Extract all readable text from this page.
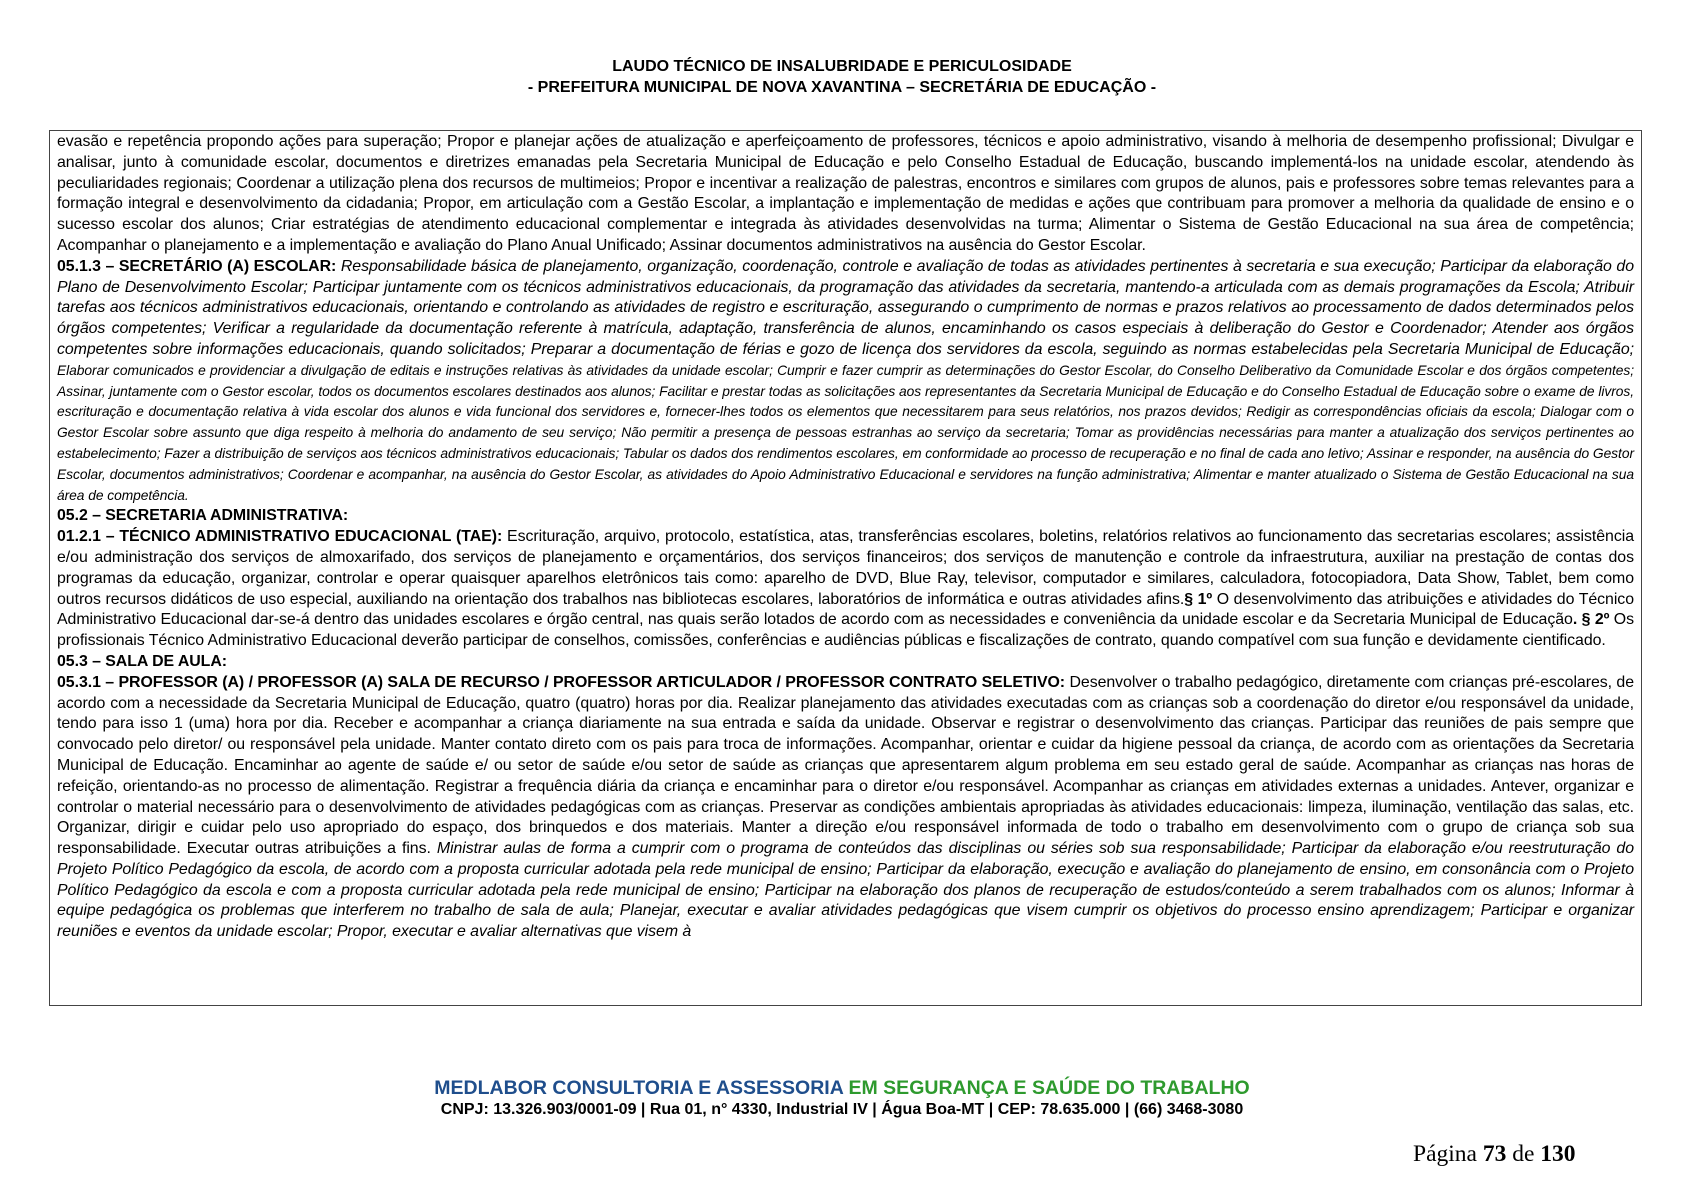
LAUDO TÉCNICO DE INSALUBRIDADE E PERICULOSIDADE
- PREFEITURA MUNICIPAL DE NOVA XAVANTINA – SECRETÁRIA DE EDUCAÇÃO -

evasão e repetência propondo ações para superação; Propor e planejar ações de atualização e aperfeiçoamento de professores, técnicos e apoio administrativo, visando à melhoria de desempenho profissional; Divulgar e analisar, junto à comunidade escolar, documentos e diretrizes emanadas pela Secretaria Municipal de Educação e pelo Conselho Estadual de Educação, buscando implementá-los na unidade escolar, atendendo às peculiaridades regionais; Coordenar a utilização plena dos recursos de multimeios; Propor e incentivar a realização de palestras, encontros e similares com grupos de alunos, pais e professores sobre temas relevantes para a formação integral e desenvolvimento da cidadania; Propor, em articulação com a Gestão Escolar, a implantação e implementação de medidas e ações que contribuam para promover a melhoria da qualidade de ensino e o sucesso escolar dos alunos; Criar estratégias de atendimento educacional complementar e integrada às atividades desenvolvidas na turma; Alimentar o Sistema de Gestão Educacional na sua área de competência; Acompanhar o planejamento e a implementação e avaliação do Plano Anual Unificado; Assinar documentos administrativos na ausência do Gestor Escolar.

05.1.3 – SECRETÁRIO (A) ESCOLAR: Responsabilidade básica de planejamento, organização, coordenação, controle e avaliação de todas as atividades pertinentes à secretaria e sua execução; Participar da elaboração do Plano de Desenvolvimento Escolar; Participar juntamente com os técnicos administrativos educacionais, da programação das atividades da secretaria, mantendo-a articulada com as demais programações da Escola; Atribuir tarefas aos técnicos administrativos educacionais, orientando e controlando as atividades de registro e escrituração, assegurando o cumprimento de normas e prazos relativos ao processamento de dados determinados pelos órgãos competentes; Verificar a regularidade da documentação referente à matrícula, adaptação, transferência de alunos, encaminhando os casos especiais à deliberação do Gestor e Coordenador; Atender aos órgãos competentes sobre informações educacionais, quando solicitados; Preparar a documentação de férias e gozo de licença dos servidores da escola, seguindo as normas estabelecidas pela Secretaria Municipal de Educação; Elaborar comunicados e providenciar a divulgação de editais e instruções relativas às atividades da unidade escolar; Cumprir e fazer cumprir as determinações do Gestor Escolar, do Conselho Deliberativo da Comunidade Escolar e dos órgãos competentes; Assinar, juntamente com o Gestor escolar, todos os documentos escolares destinados aos alunos; Facilitar e prestar todas as solicitações aos representantes da Secretaria Municipal de Educação e do Conselho Estadual de Educação sobre o exame de livros, escrituração e documentação relativa à vida escolar dos alunos e vida funcional dos servidores e, fornecer-lhes todos os elementos que necessitarem para seus relatórios, nos prazos devidos; Redigir as correspondências oficiais da escola; Dialogar com o Gestor Escolar sobre assunto que diga respeito à melhoria do andamento de seu serviço; Não permitir a presença de pessoas estranhas ao serviço da secretaria; Tomar as providências necessárias para manter a atualização dos serviços pertinentes ao estabelecimento; Fazer a distribuição de serviços aos técnicos administrativos educacionais; Tabular os dados dos rendimentos escolares, em conformidade ao processo de recuperação e no final de cada ano letivo; Assinar e responder, na ausência do Gestor Escolar, documentos administrativos; Coordenar e acompanhar, na ausência do Gestor Escolar, as atividades do Apoio Administrativo Educacional e servidores na função administrativa; Alimentar e manter atualizado o Sistema de Gestão Educacional na sua área de competência.

05.2 – SECRETARIA ADMINISTRATIVA:

01.2.1 – TÉCNICO ADMINISTRATIVO EDUCACIONAL (TAE): Escrituração, arquivo, protocolo, estatística, atas, transferências escolares, boletins, relatórios relativos ao funcionamento das secretarias escolares; assistência e/ou administração dos serviços de almoxarifado, dos serviços de planejamento e orçamentários, dos serviços financeiros; dos serviços de manutenção e controle da infraestrutura, auxiliar na prestação de contas dos programas da educação, organizar, controlar e operar quaisquer aparelhos eletrônicos tais como: aparelho de DVD, Blue Ray, televisor, computador e similares, calculadora, fotocopiadora, Data Show, Tablet, bem como outros recursos didáticos de uso especial, auxiliando na orientação dos trabalhos nas bibliotecas escolares, laboratórios de informática e outras atividades afins.§ 1º O desenvolvimento das atribuições e atividades do Técnico Administrativo Educacional dar-se-á dentro das unidades escolares e órgão central, nas quais serão lotados de acordo com as necessidades e conveniência da unidade escolar e da Secretaria Municipal de Educação. § 2º Os profissionais Técnico Administrativo Educacional deverão participar de conselhos, comissões, conferências e audiências públicas e fiscalizações de contrato, quando compatível com sua função e devidamente cientificado.

05.3 – SALA DE AULA:

05.3.1 – PROFESSOR (A) / PROFESSOR (A) SALA DE RECURSO / PROFESSOR ARTICULADOR / PROFESSOR CONTRATO SELETIVO: Desenvolver o trabalho pedagógico, diretamente com crianças pré-escolares, de acordo com a necessidade da Secretaria Municipal de Educação, quatro (quatro) horas por dia. Realizar planejamento das atividades executadas com as crianças sob a coordenação do diretor e/ou responsável da unidade, tendo para isso 1 (uma) hora por dia. Receber e acompanhar a criança diariamente na sua entrada e saída da unidade. Observar e registrar o desenvolvimento das crianças. Participar das reuniões de pais sempre que convocado pelo diretor/ ou responsável pela unidade. Manter contato direto com os pais para troca de informações. Acompanhar, orientar e cuidar da higiene pessoal da criança, de acordo com as orientações da Secretaria Municipal de Educação. Encaminhar ao agente de saúde e/ ou setor de saúde e/ou setor de saúde as crianças que apresentarem algum problema em seu estado geral de saúde. Acompanhar as crianças nas horas de refeição, orientando-as no processo de alimentação. Registrar a frequência diária da criança e encaminhar para o diretor e/ou responsável. Acompanhar as crianças em atividades externas a unidades. Antever, organizar e controlar o material necessário para o desenvolvimento de atividades pedagógicas com as crianças. Preservar as condições ambientais apropriadas às atividades educacionais: limpeza, iluminação, ventilação das salas, etc. Organizar, dirigir e cuidar pelo uso apropriado do espaço, dos brinquedos e dos materiais. Manter a direção e/ou responsável informada de todo o trabalho em desenvolvimento com o grupo de criança sob sua responsabilidade. Executar outras atribuições a fins. Ministrar aulas de forma a cumprir com o programa de conteúdos das disciplinas ou séries sob sua responsabilidade; Participar da elaboração e/ou reestruturação do Projeto Político Pedagógico da escola, de acordo com a proposta curricular adotada pela rede municipal de ensino; Participar da elaboração, execução e avaliação do planejamento de ensino, em consonância com o Projeto Político Pedagógico da escola e com a proposta curricular adotada pela rede municipal de ensino; Participar na elaboração dos planos de recuperação de estudos/conteúdo a serem trabalhados com os alunos; Informar à equipe pedagógica os problemas que interferem no trabalho de sala de aula; Planejar, executar e avaliar atividades pedagógicas que visem cumprir os objetivos do processo ensino aprendizagem; Participar e organizar reuniões e eventos da unidade escolar; Propor, executar e avaliar alternativas que visem à

MEDLABOR CONSULTORIA E ASSESSORIA EM SEGURANÇA E SAÚDE DO TRABALHO
CNPJ: 13.326.903/0001-09 | Rua 01, n° 4330, Industrial IV | Água Boa-MT | CEP: 78.635.000 | (66) 3468-3080
Página 73 de 130
